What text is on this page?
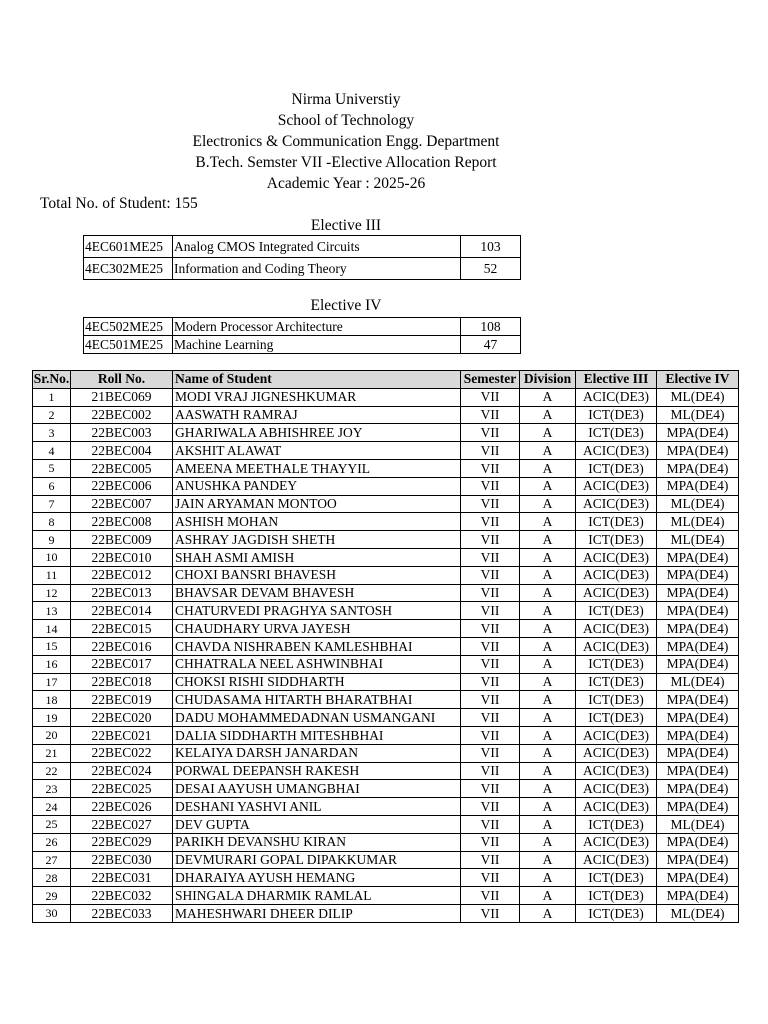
Nirma Universtiy
School of Technology
Electronics & Communication Engg. Department
B.Tech. Semster VII -Elective Allocation Report
Academic Year : 2025-26
Total No. of Student: 155
Elective III
4EC601ME25	Analog CMOS Integrated Circuits	103
4EC302ME25	Information and Coding Theory	52
Elective IV
4EC502ME25	Modern Processor Architecture	108
4EC501ME25	Machine Learning	47
Sr.No.	Roll No.	Name of Student	Semester	Division	Elective III	Elective IV
1	21BEC069	MODI VRAJ JIGNESHKUMAR	VII	A	ACIC(DE3)	ML(DE4)
2	22BEC002	AASWATH RAMRAJ	VII	A	ICT(DE3)	ML(DE4)
3	22BEC003	GHARIWALA ABHISHREE JOY	VII	A	ICT(DE3)	MPA(DE4)
4	22BEC004	AKSHIT ALAWAT	VII	A	ACIC(DE3)	MPA(DE4)
5	22BEC005	AMEENA MEETHALE THAYYIL	VII	A	ICT(DE3)	MPA(DE4)
6	22BEC006	ANUSHKA PANDEY	VII	A	ACIC(DE3)	MPA(DE4)
7	22BEC007	JAIN ARYAMAN MONTOO	VII	A	ACIC(DE3)	ML(DE4)
8	22BEC008	ASHISH MOHAN	VII	A	ICT(DE3)	ML(DE4)
9	22BEC009	ASHRAY JAGDISH SHETH	VII	A	ICT(DE3)	ML(DE4)
10	22BEC010	SHAH ASMI AMISH	VII	A	ACIC(DE3)	MPA(DE4)
11	22BEC012	CHOXI BANSRI BHAVESH	VII	A	ACIC(DE3)	MPA(DE4)
12	22BEC013	BHAVSAR DEVAM BHAVESH	VII	A	ACIC(DE3)	MPA(DE4)
13	22BEC014	CHATURVEDI PRAGHYA SANTOSH	VII	A	ICT(DE3)	MPA(DE4)
14	22BEC015	CHAUDHARY URVA JAYESH	VII	A	ACIC(DE3)	MPA(DE4)
15	22BEC016	CHAVDA NISHRABEN KAMLESHBHAI	VII	A	ACIC(DE3)	MPA(DE4)
16	22BEC017	CHHATRALA NEEL ASHWINBHAI	VII	A	ICT(DE3)	MPA(DE4)
17	22BEC018	CHOKSI RISHI SIDDHARTH	VII	A	ICT(DE3)	ML(DE4)
18	22BEC019	CHUDASAMA HITARTH BHARATBHAI	VII	A	ICT(DE3)	MPA(DE4)
19	22BEC020	DADU MOHAMMEDADNAN USMANGANI	VII	A	ICT(DE3)	MPA(DE4)
20	22BEC021	DALIA SIDDHARTH MITESHBHAI	VII	A	ACIC(DE3)	MPA(DE4)
21	22BEC022	KELAIYA DARSH JANARDAN	VII	A	ACIC(DE3)	MPA(DE4)
22	22BEC024	PORWAL DEEPANSH RAKESH	VII	A	ACIC(DE3)	MPA(DE4)
23	22BEC025	DESAI AAYUSH UMANGBHAI	VII	A	ACIC(DE3)	MPA(DE4)
24	22BEC026	DESHANI YASHVI ANIL	VII	A	ACIC(DE3)	MPA(DE4)
25	22BEC027	DEV GUPTA	VII	A	ICT(DE3)	ML(DE4)
26	22BEC029	PARIKH DEVANSHU KIRAN	VII	A	ACIC(DE3)	MPA(DE4)
27	22BEC030	DEVMURARI GOPAL DIPAKKUMAR	VII	A	ACIC(DE3)	MPA(DE4)
28	22BEC031	DHARAIYA AYUSH HEMANG	VII	A	ICT(DE3)	MPA(DE4)
29	22BEC032	SHINGALA DHARMIK RAMLAL	VII	A	ICT(DE3)	MPA(DE4)
30	22BEC033	MAHESHWARI DHEER DILIP	VII	A	ICT(DE3)	ML(DE4)
